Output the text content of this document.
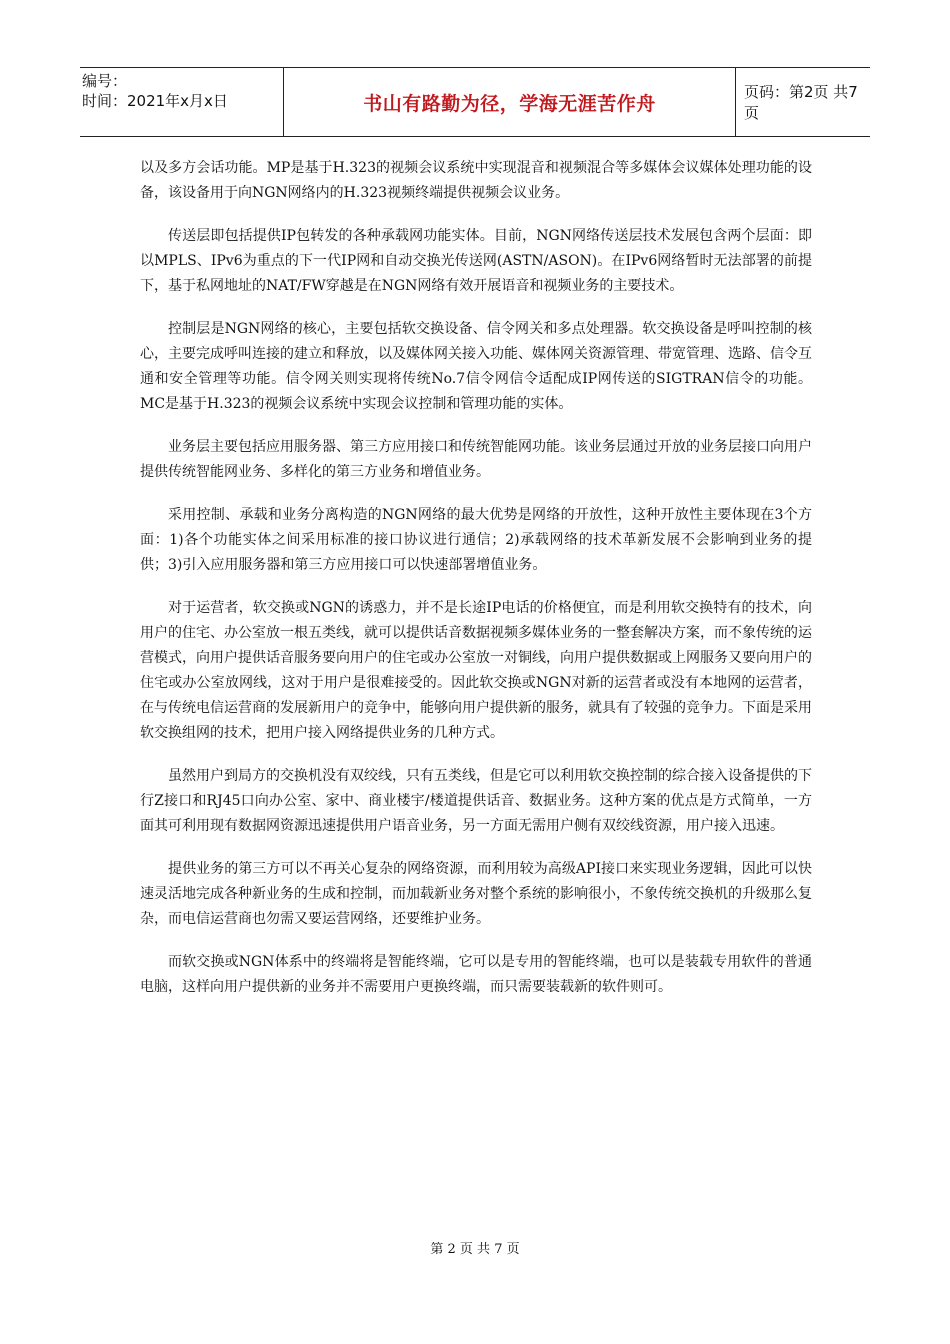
编号：
时间：2021年x月x日	书山有路勤为径，学海无涯苦作舟
页码：第2页 共7页

以及多方会话功能。MP是基于H.323的视频会议系统中实现混音和视频混合等多媒体会议媒体处理功能的设备，该设备用于向NGN网络内的H.323视频终端提供视频会议业务。

传送层即包括提供IP包转发的各种承载网功能实体。目前，NGN网络传送层技术发展包含两个层面：即以MPLS、IPv6为重点的下一代IP网和自动交换光传送网(ASTN/ASON)。在IPv6网络暂时无法部署的前提下，基于私网地址的NAT/FW穿越是在NGN网络有效开展语音和视频业务的主要技术。

控制层是NGN网络的核心，主要包括软交换设备、信令网关和多点处理器。软交换设备是呼叫控制的核心，主要完成呼叫连接的建立和释放，以及媒体网关接入功能、媒体网关资源管理、带宽管理、选路、信令互通和安全管理等功能。信令网关则实现将传统No.7信令网信令适配成IP网传送的SIGTRAN信令的功能。MC是基于H.323的视频会议系统中实现会议控制和管理功能的实体。

业务层主要包括应用服务器、第三方应用接口和传统智能网功能。该业务层通过开放的业务层接口向用户提供传统智能网业务、多样化的第三方业务和增值业务。

采用控制、承载和业务分离构造的NGN网络的最大优势是网络的开放性，这种开放性主要体现在3个方面：1)各个功能实体之间采用标准的接口协议进行通信；2)承载网络的技术革新发展不会影响到业务的提供；3)引入应用服务器和第三方应用接口可以快速部署增值业务。

对于运营者，软交换或NGN的诱惑力，并不是长途IP电话的价格便宜，而是利用软交换特有的技术，向用户的住宅、办公室放一根五类线，就可以提供话音数据视频多媒体业务的一整套解决方案，而不象传统的运营模式，向用户提供话音服务要向用户的住宅或办公室放一对铜线，向用户提供数据或上网服务又要向用户的住宅或办公室放网线，这对于用户是很难接受的。因此软交换或NGN对新的运营者或没有本地网的运营者，在与传统电信运营商的发展新用户的竞争中，能够向用户提供新的服务，就具有了较强的竞争力。下面是采用软交换组网的技术，把用户接入网络提供业务的几种方式。

虽然用户到局方的交换机没有双绞线，只有五类线，但是它可以利用软交换控制的综合接入设备提供的下行Z接口和RJ45口向办公室、家中、商业楼宇/楼道提供话音、数据业务。这种方案的优点是方式简单，一方面其可利用现有数据网资源迅速提供用户语音业务，另一方面无需用户侧有双绞线资源，用户接入迅速。

提供业务的第三方可以不再关心复杂的网络资源，而利用较为高级API接口来实现业务逻辑，因此可以快速灵活地完成各种新业务的生成和控制，而加载新业务对整个系统的影响很小，不象传统交换机的升级那么复杂，而电信运营商也勿需又要运营网络，还要维护业务。

而软交换或NGN体系中的终端将是智能终端，它可以是专用的智能终端，也可以是装载专用软件的普通电脑，这样向用户提供新的业务并不需要用户更换终端，而只需要装载新的软件则可。

第 2 页 共 7 页
